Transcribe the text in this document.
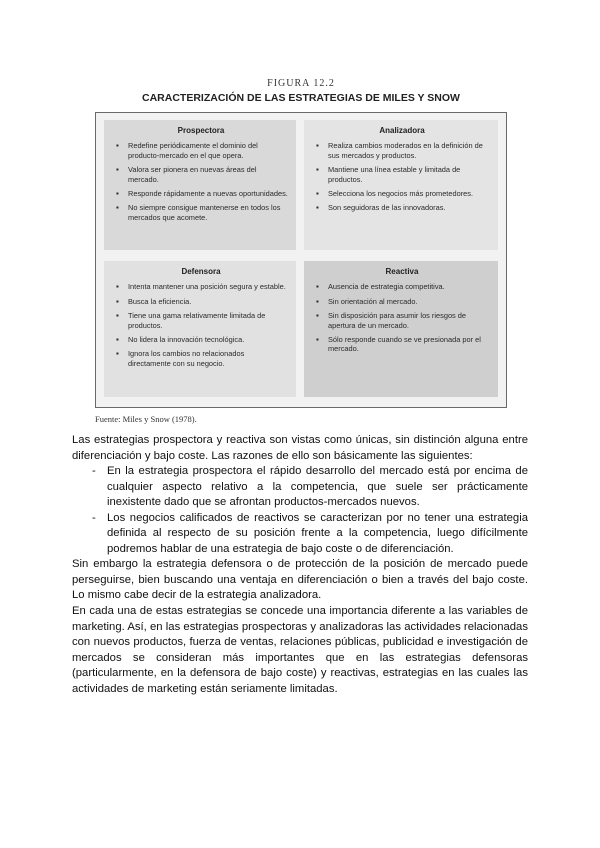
FIGURA 12.2
CARACTERIZACIÓN DE LAS ESTRATEGIAS DE MILES Y SNOW
Prospectora
▪ Redefine periódicamente el dominio del producto-mercado en el que opera.
▪ Valora ser pionera en nuevas áreas del mercado.
▪ Responde rápidamente a nuevas oportunidades.
▪ No siempre consigue mantenerse en todos los mercados que acomete.
Analizadora
▪ Realiza cambios moderados en la definición de sus mercados y productos.
▪ Mantiene una línea estable y limitada de productos.
▪ Selecciona los negocios más prometedores.
▪ Son seguidoras de las innovadoras.
Defensora
▪ Intenta mantener una posición segura y estable.
▪ Busca la eficiencia.
▪ Tiene una gama relativamente limitada de productos.
▪ No lidera la innovación tecnológica.
▪ Ignora los cambios no relacionados directamente con su negocio.
Reactiva
▪ Ausencia de estrategia competitiva.
▪ Sin orientación al mercado.
▪ Sin disposición para asumir los riesgos de apertura de un mercado.
▪ Sólo responde cuando se ve presionada por el mercado.
Fuente: Miles y Snow (1978).
Las estrategias prospectora y reactiva son vistas como únicas, sin distinción alguna entre diferenciación y bajo coste. Las razones de ello son básicamente las siguientes:
- En la estrategia prospectora el rápido desarrollo del mercado está por encima de cualquier aspecto relativo a la competencia, que suele ser prácticamente inexistente dado que se afrontan productos-mercados nuevos.
- Los negocios calificados de reactivos se caracterizan por no tener una estrategia definida al respecto de su posición frente a la competencia, luego difícilmente podremos hablar de una estrategia de bajo coste o de diferenciación.
Sin embargo la estrategia defensora o de protección de la posición de mercado puede perseguirse, bien buscando una ventaja en diferenciación o bien a través del bajo coste. Lo mismo cabe decir de la estrategia analizadora.
En cada una de estas estrategias se concede una importancia diferente a las variables de marketing. Así, en las estrategias prospectoras y analizadoras las actividades relacionadas con nuevos productos, fuerza de ventas, relaciones públicas, publicidad e investigación de mercados se consideran más importantes que en las estrategias defensoras (particularmente, en la defensora de bajo coste) y reactivas, estrategias en las cuales las actividades de marketing están seriamente limitadas.
